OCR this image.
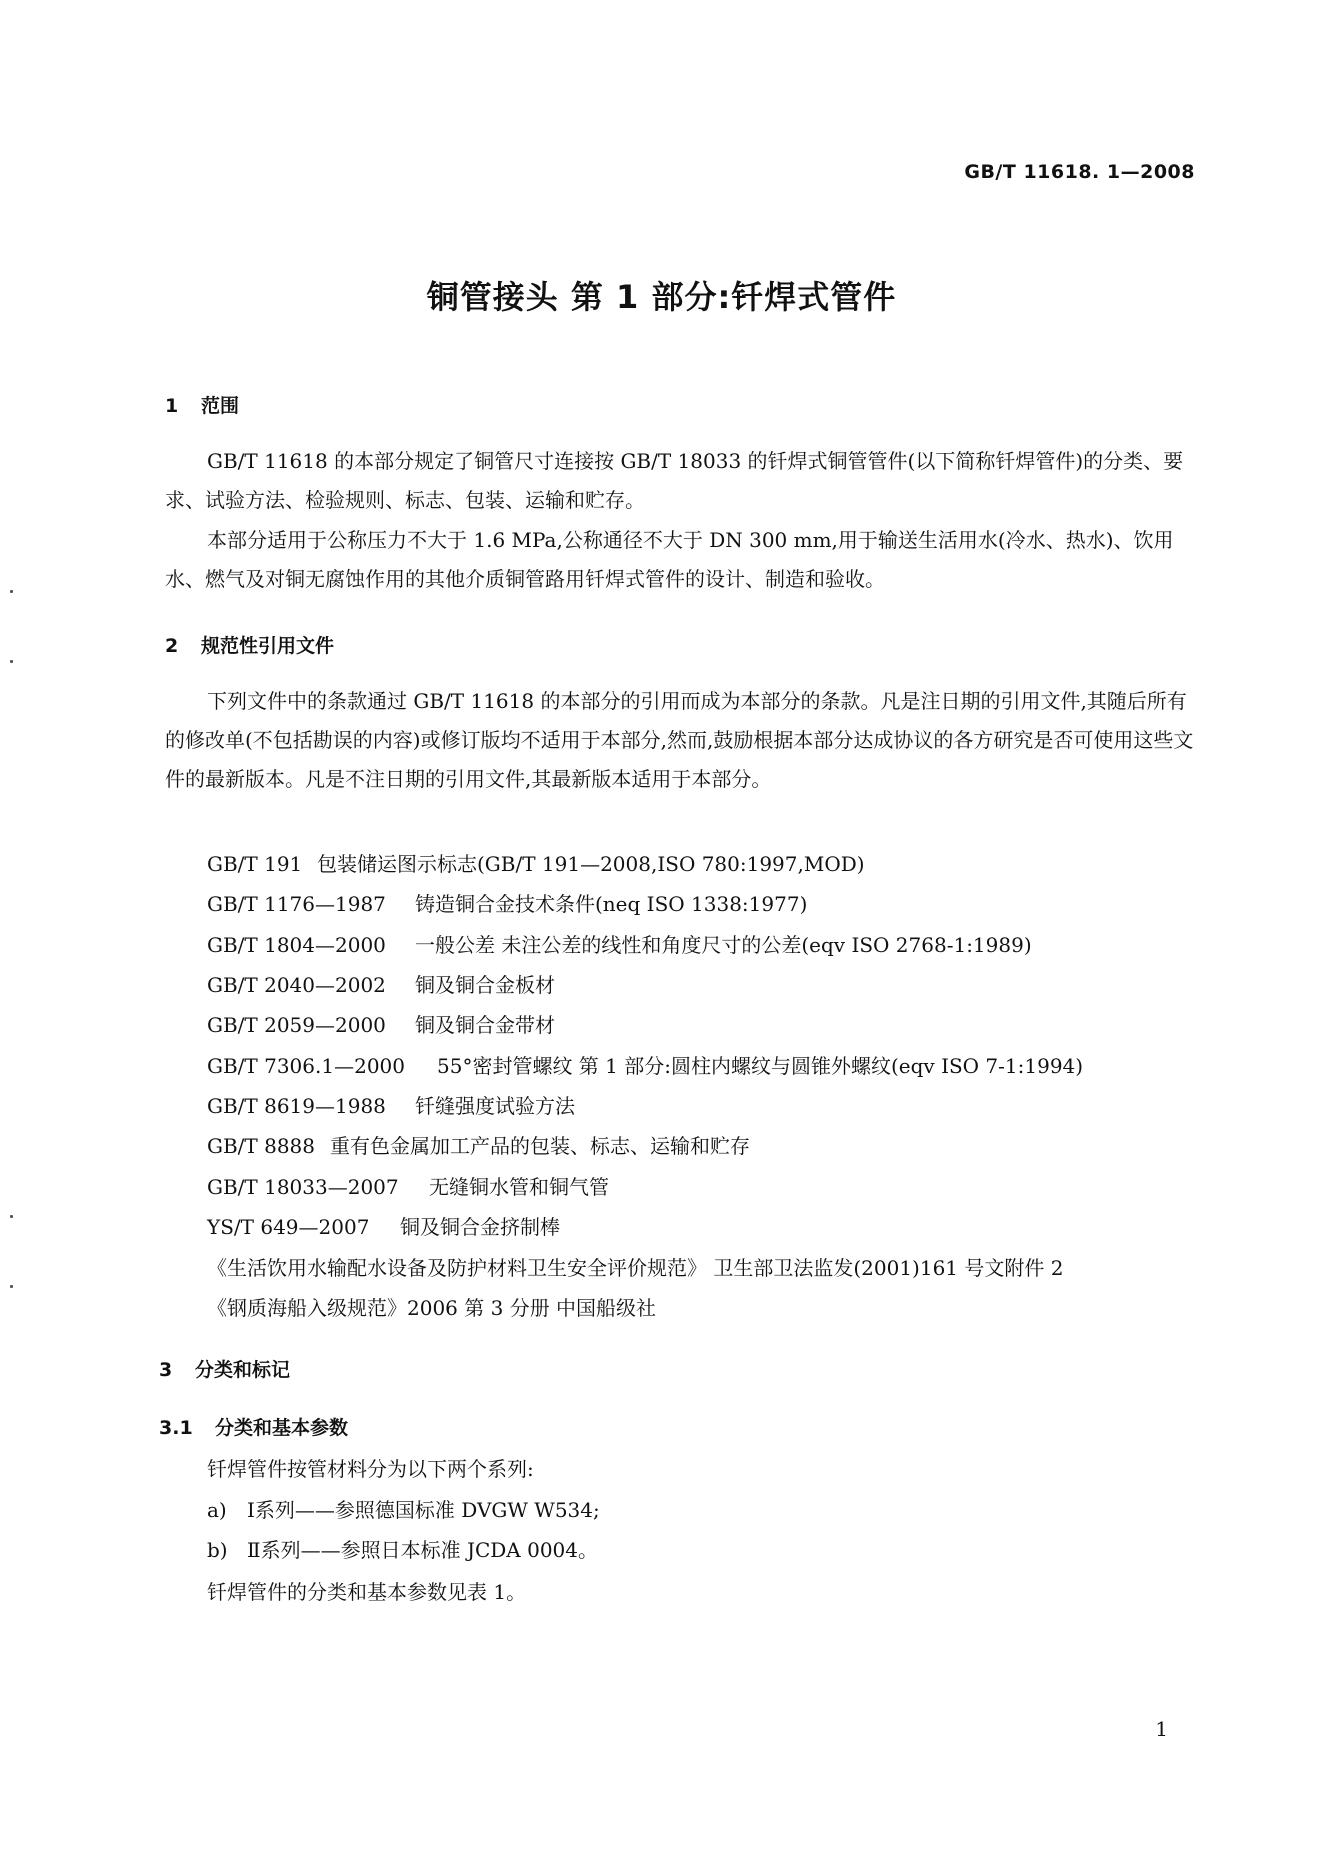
GB/T 11618. 1—2008
铜管接头 第 1 部分:钎焊式管件
1 范围

GB/T 11618 的本部分规定了铜管尺寸连接按 GB/T 18033 的钎焊式铜管管件(以下简称钎焊管件)的分类、要求、试验方法、检验规则、标志、包装、运输和贮存。

本部分适用于公称压力不大于 1.6 MPa,公称通径不大于 DN 300 mm,用于输送生活用水(冷水、热水)、饮用水、燃气及对铜无腐蚀作用的其他介质铜管路用钎焊式管件的设计、制造和验收。

2 规范性引用文件

下列文件中的条款通过 GB/T 11618 的本部分的引用而成为本部分的条款。凡是注日期的引用文件,其随后所有的修改单(不包括勘误的内容)或修订版均不适用于本部分,然而,鼓励根据本部分达成协议的各方研究是否可使用这些文件的最新版本。凡是不注日期的引用文件,其最新版本适用于本部分。

GB/T 191 包装储运图示标志(GB/T 191—2008,ISO 780:1997,MOD)
GB/T 1176—1987 铸造铜合金技术条件(neq ISO 1338:1977)
GB/T 1804—2000 一般公差 未注公差的线性和角度尺寸的公差(eqv ISO 2768-1:1989)
GB/T 2040—2002 铜及铜合金板材
GB/T 2059—2000 铜及铜合金带材
GB/T 7306.1—2000 55°密封管螺纹 第 1 部分:圆柱内螺纹与圆锥外螺纹(eqv ISO 7-1:1994)
GB/T 8619—1988 钎缝强度试验方法
GB/T 8888 重有色金属加工产品的包装、标志、运输和贮存
GB/T 18033—2007 无缝铜水管和铜气管
YS/T 649—2007 铜及铜合金挤制棒
《生活饮用水输配水设备及防护材料卫生安全评价规范》 卫生部卫法监发(2001)161 号文附件 2
《钢质海船入级规范》2006 第 3 分册 中国船级社
3 分类和标记
3.1 分类和基本参数
钎焊管件按管材料分为以下两个系列:
a) Ⅰ系列——参照德国标准 DVGW W534;
b) Ⅱ系列——参照日本标准 JCDA 0004。
钎焊管件的分类和基本参数见表 1。
1
